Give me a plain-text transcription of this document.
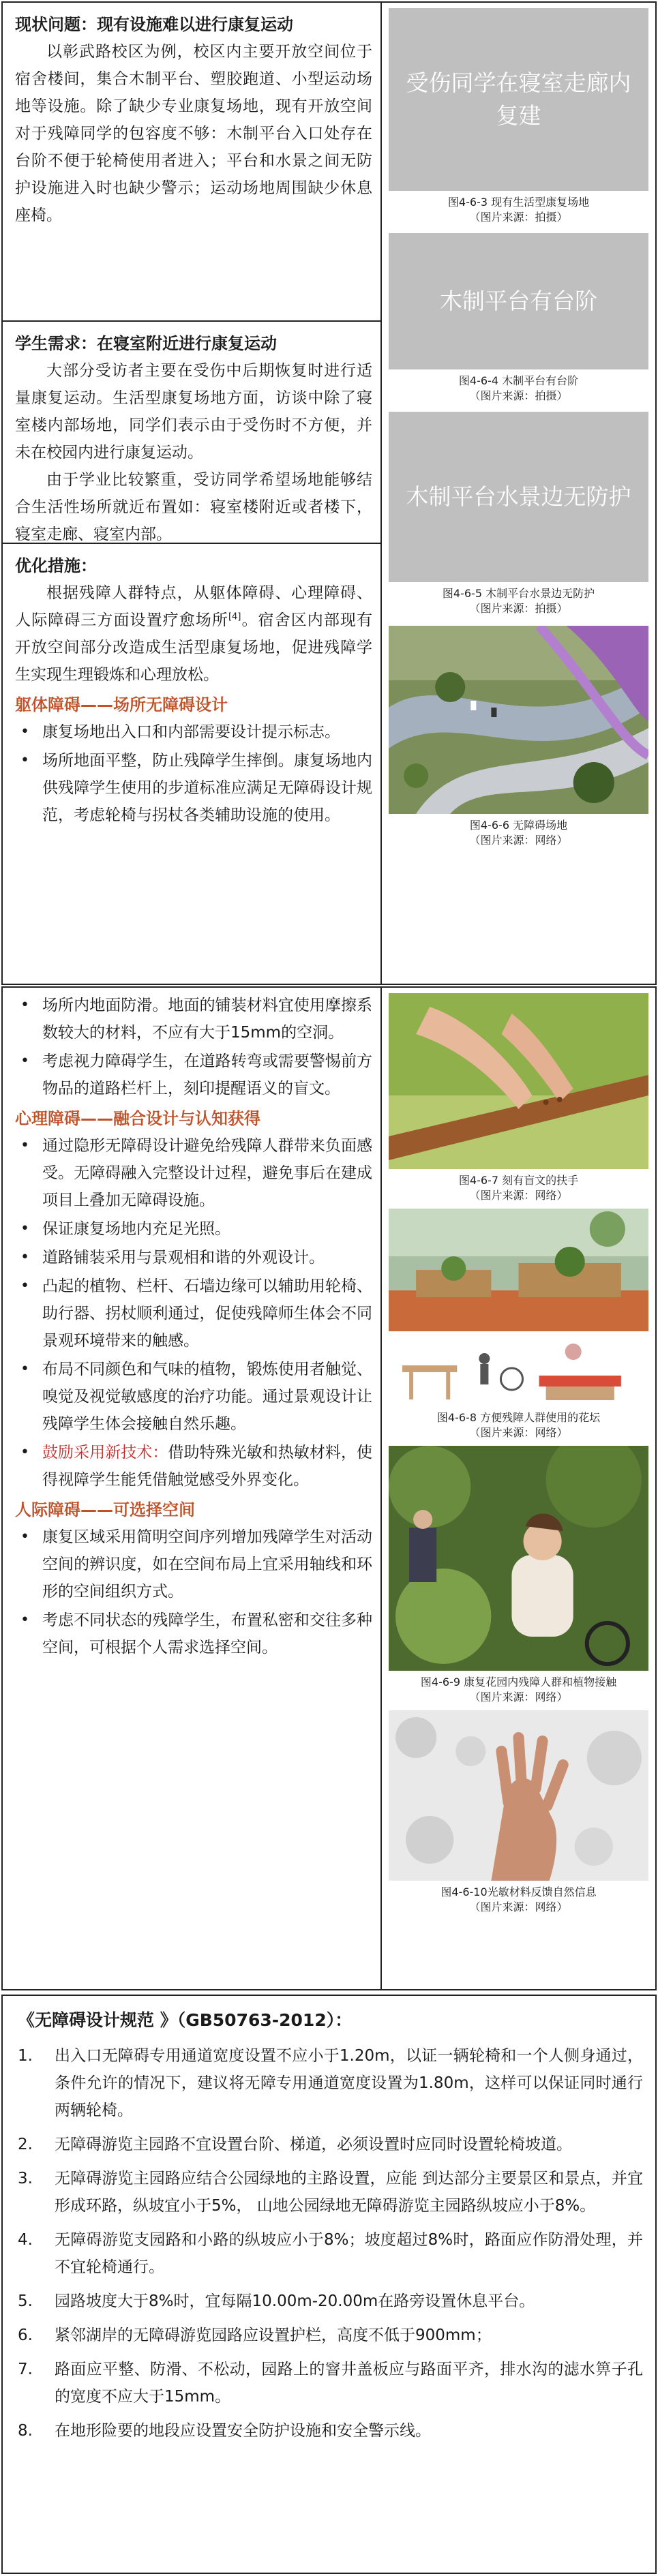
现状问题：现有设施难以进行康复运动
以彰武路校区为例，校区内主要开放空间位于宿舍楼间，集合木制平台、塑胶跑道、小型运动场地等设施。除了缺少专业康复场地，现有开放空间对于残障同学的包容度不够：木制平台入口处存在台阶不便于轮椅使用者进入；平台和水景之间无防护设施进入时也缺少警示；运动场地周围缺少休息座椅。
学生需求：在寝室附近进行康复运动
大部分受访者主要在受伤中后期恢复时进行适量康复运动。生活型康复场地方面，访谈中除了寝室楼内部场地，同学们表示由于受伤时不方便，并未在校园内进行康复运动。
由于学业比较繁重，受访同学希望场地能够结合生活性场所就近布置如：寝室楼附近或者楼下，寝室走廊、寝室内部。
优化措施：
根据残障人群特点，从躯体障碍、心理障碍、人际障碍三方面设置疗愈场所[4]。宿舍区内部现有开放空间部分改造成生活型康复场地，促进残障学生实现生理锻炼和心理放松。
躯体障碍——场所无障碍设计
• 康复场地出入口和内部需要设计提示标志。
• 场所地面平整，防止残障学生摔倒。康复场地内供残障学生使用的步道标准应满足无障碍设计规范，考虑轮椅与拐杖各类辅助设施的使用。
受伤同学在寝室走廊内复建
图4-6-3 现有生活型康复场地
（图片来源：拍摄）
木制平台有台阶
图4-6-4 木制平台有台阶
（图片来源：拍摄）
木制平台水景边无防护
图4-6-5 木制平台水景边无防护
（图片来源：拍摄）
图4-6-6 无障碍场地
（图片来源：网络）
• 场所内地面防滑。地面的铺装材料宜使用摩擦系数较大的材料，不应有大于15mm的空洞。
• 考虑视力障碍学生，在道路转弯或需要警惕前方物品的道路栏杆上，刻印提醒语义的盲文。
心理障碍——融合设计与认知获得
• 通过隐形无障碍设计避免给残障人群带来负面感受。无障碍融入完整设计过程，避免事后在建成项目上叠加无障碍设施。
• 保证康复场地内充足光照。
• 道路铺装采用与景观相和谐的外观设计。
• 凸起的植物、栏杆、石墙边缘可以辅助用轮椅、助行器、拐杖顺利通过，促使残障师生体会不同景观环境带来的触感。
• 布局不同颜色和气味的植物，锻炼使用者触觉、嗅觉及视觉敏感度的治疗功能。通过景观设计让残障学生体会接触自然乐趣。
• 鼓励采用新技术：借助特殊光敏和热敏材料，使得视障学生能凭借触觉感受外界变化。
人际障碍——可选择空间
• 康复区域采用简明空间序列增加残障学生对活动空间的辨识度，如在空间布局上宜采用轴线和环形的空间组织方式。
• 考虑不同状态的残障学生，布置私密和交往多种空间，可根据个人需求选择空间。
图4-6-7 刻有盲文的扶手
（图片来源：网络）
图4-6-8 方便残障人群使用的花坛
（图片来源：网络）
图4-6-9 康复花园内残障人群和植物接触
（图片来源：网络）
图4-6-10光敏材料反馈自然信息
（图片来源：网络）
《无障碍设计规范 》（GB50763-2012）：
1. 出入口无障碍专用通道宽度设置不应小于1.20m，以证一辆轮椅和一个人侧身通过，条件允许的情况下，建议将无障专用通道宽度设置为1.80m，这样可以保证同时通行两辆轮椅。
2. 无障碍游览主园路不宜设置台阶、梯道，必须设置时应同时设置轮椅坡道。
3. 无障碍游览主园路应结合公园绿地的主路设置，应能 到达部分主要景区和景点，并宜形成环路，纵坡宜小于5%， 山地公园绿地无障碍游览主园路纵坡应小于8%。
4. 无障碍游览支园路和小路的纵坡应小于8%；坡度超过8%时，路面应作防滑处理，并不宜轮椅通行。
5. 园路坡度大于8%时，宜每隔10.00m-20.00m在路旁设置休息平台。
6. 紧邻湖岸的无障碍游览园路应设置护栏，高度不低于900mm；
7. 路面应平整、防滑、不松动，园路上的窨井盖板应与路面平齐，排水沟的滤水箅子孔的宽度不应大于15mm。
8. 在地形险要的地段应设置安全防护设施和安全警示线。
